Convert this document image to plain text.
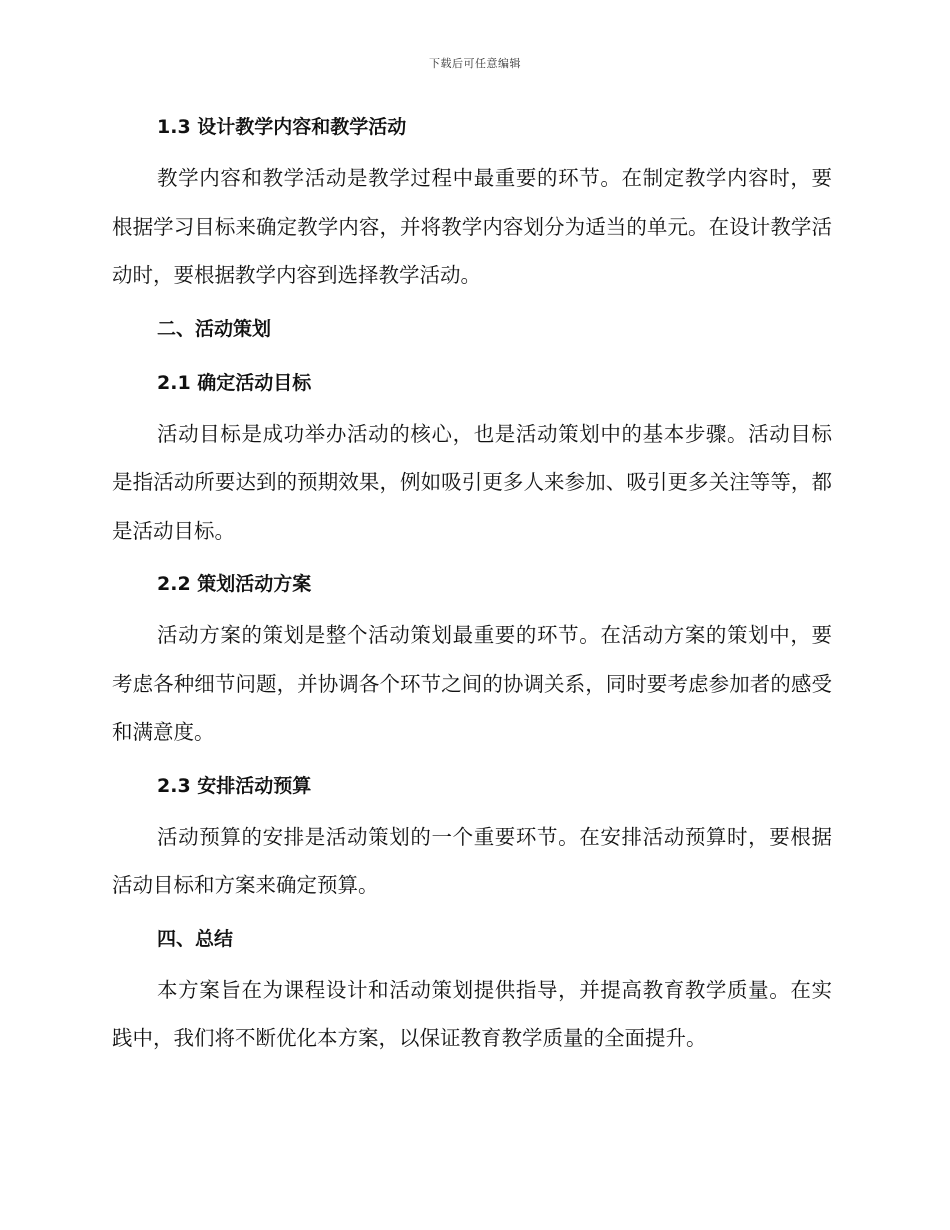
下载后可任意编辑
1.3 设计教学内容和教学活动

教学内容和教学活动是教学过程中最重要的环节。在制定教学内容时，要根据学习目标来确定教学内容，并将教学内容划分为适当的单元。在设计教学活动时，要根据教学内容到选择教学活动。

二、活动策划
2.1 确定活动目标

活动目标是成功举办活动的核心，也是活动策划中的基本步骤。活动目标是指活动所要达到的预期效果，例如吸引更多人来参加、吸引更多关注等等，都是活动目标。

2.2 策划活动方案

活动方案的策划是整个活动策划最重要的环节。在活动方案的策划中，要考虑各种细节问题，并协调各个环节之间的协调关系，同时要考虑参加者的感受和满意度。

2.3 安排活动预算

活动预算的安排是活动策划的一个重要环节。在安排活动预算时，要根据活动目标和方案来确定预算。

四、总结

本方案旨在为课程设计和活动策划提供指导，并提高教育教学质量。在实践中，我们将不断优化本方案，以保证教育教学质量的全面提升。
